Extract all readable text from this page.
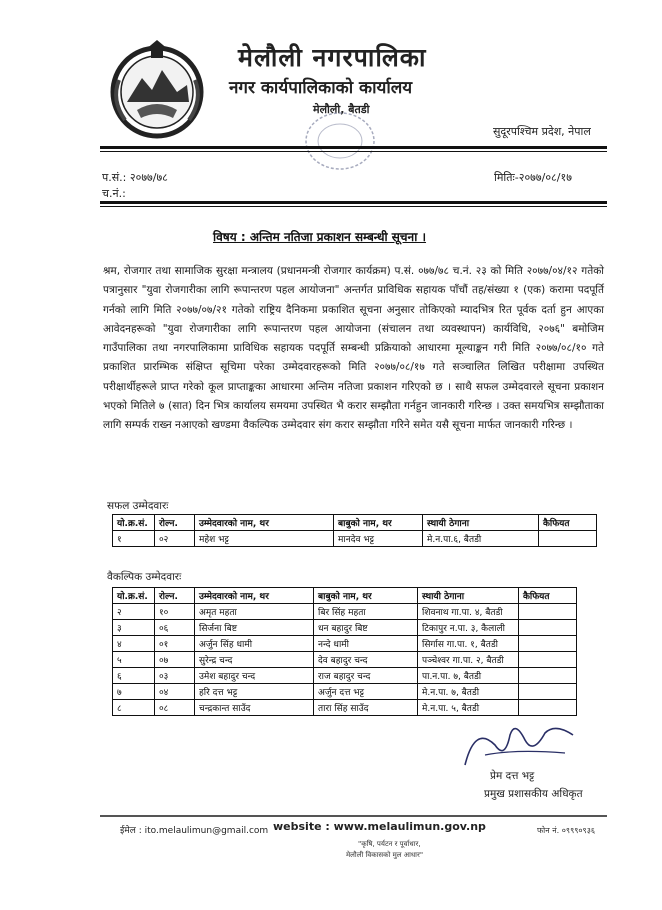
मेलौली नगरपालिका
नगर कार्यपालिकाको कार्यालय
मेलौली, बैतडी
सुदूरपश्चिम प्रदेश, नेपाल
प.सं.: २०७७/७८
च.नं.:
मितिः-२०७७/०८/१७
विषय : अन्तिम नतिजा प्रकाशन सम्बन्धी सूचना ।

श्रम, रोजगार तथा सामाजिक सुरक्षा मन्त्रालय (प्रधानमन्त्री रोजगार कार्यक्रम) प.सं. ०७७/७८ च.नं. २३ को मिति २०७७/०४/१२ गतेको पत्रानुसार "युवा रोजगारीका लागि रूपान्तरण पहल आयोजना" अन्तर्गत प्राविधिक सहायक पाँचौं तह/संख्या १ (एक) करामा पदपूर्ति गर्नको लागि मिति २०७७/०७/२१ गतेको राष्ट्रिय दैनिकमा प्रकाशित सूचना अनुसार तोकिएको म्यादभित्र रित पूर्वक दर्ता हुन आएका आवेदनहरूको "युवा रोजगारीका लागि रूपान्तरण पहल आयोजना (संचालन तथा व्यवस्थापन) कार्यविधि, २०७६" बमोजिम गाउँपालिका तथा नगरपालिकामा प्राविधिक सहायक पदपूर्ति सम्बन्धी प्रक्रियाको आधारमा मूल्याङ्कन गरी मिति २०७७/०८/१० गते प्रकाशित प्रारम्भिक संक्षिप्त सूचिमा परेका उम्मेदवारहरूको मिति २०७७/०८/१७ गते सञ्चालित लिखित परीक्षामा उपस्थित परीक्षार्थीहरूले प्राप्त गरेको कूल प्राप्ताङ्कका आधारमा अन्तिम नतिजा प्रकाशन गरिएको छ । साथै सफल उम्मेदवारले सूचना प्रकाशन भएको मितिले ७ (सात) दिन भित्र कार्यालय समयमा उपस्थित भै करार सम्झौता गर्नहुन जानकारी गरिन्छ । उक्त समयभित्र सम्झौताका लागि सम्पर्क राख्न नआएको खण्डमा वैकल्पिक उम्मेदवार संग करार सम्झौता गरिने समेत यसै सूचना मार्फत जानकारी गरिन्छ ।

सफल उम्मेदवारः
यो.क्र.सं.	रोल्न.	उम्मेदवारको नाम, थर	बाबुको नाम, थर	स्थायी ठेगाना	कैफियत
१	०२	महेश भट्ट	मानदेव भट्ट	मे.न.पा.६, बैतडी	
वैकल्पिक उम्मेदवारः
यो.क्र.सं.	रोल्न.	उम्मेदवारको नाम, थर	बाबुको नाम, थर	स्थायी ठेगाना	कैफियत
२	१०	अमृत महता	बिर सिंह महता	शिवनाथ गा.पा. ४, बैतडी	
३	०६	सिर्जना बिष्ट	धन बहादुर बिष्ट	टिकापुर न.पा. ३, कैलाली	
४	०१	अर्जुन सिंह धामी	नन्दे धामी	सिर्गास गा.पा. १, बैतडी	
५	०७	सुरेन्द्र चन्द	देव बहादुर चन्द	पञ्चेश्वर गा.पा. २, बैतडी	
६	०३	उमेश बहादुर चन्द	राज बहादुर चन्द	पा.न.पा. ७, बैतडी	
७	०४	हरि दत्त भट्ट	अर्जुन दत्त भट्ट	मे.न.पा. ७, बैतडी	
८	०८	चन्द्रकान्त साउँद	तारा सिंह साउँद	मे.न.पा. ५, बैतडी	
प्रेम दत्त भट्ट
प्रमुख प्रशासकीय अधिकृत
ईमेल : ito.melaulimun@gmail.com website : www.melaulimun.gov.np	फोन नं. ०९९९०९३६
"कृषि, पर्यटन र पूर्वाधार,
मेलौली विकासको मुल आधार"
